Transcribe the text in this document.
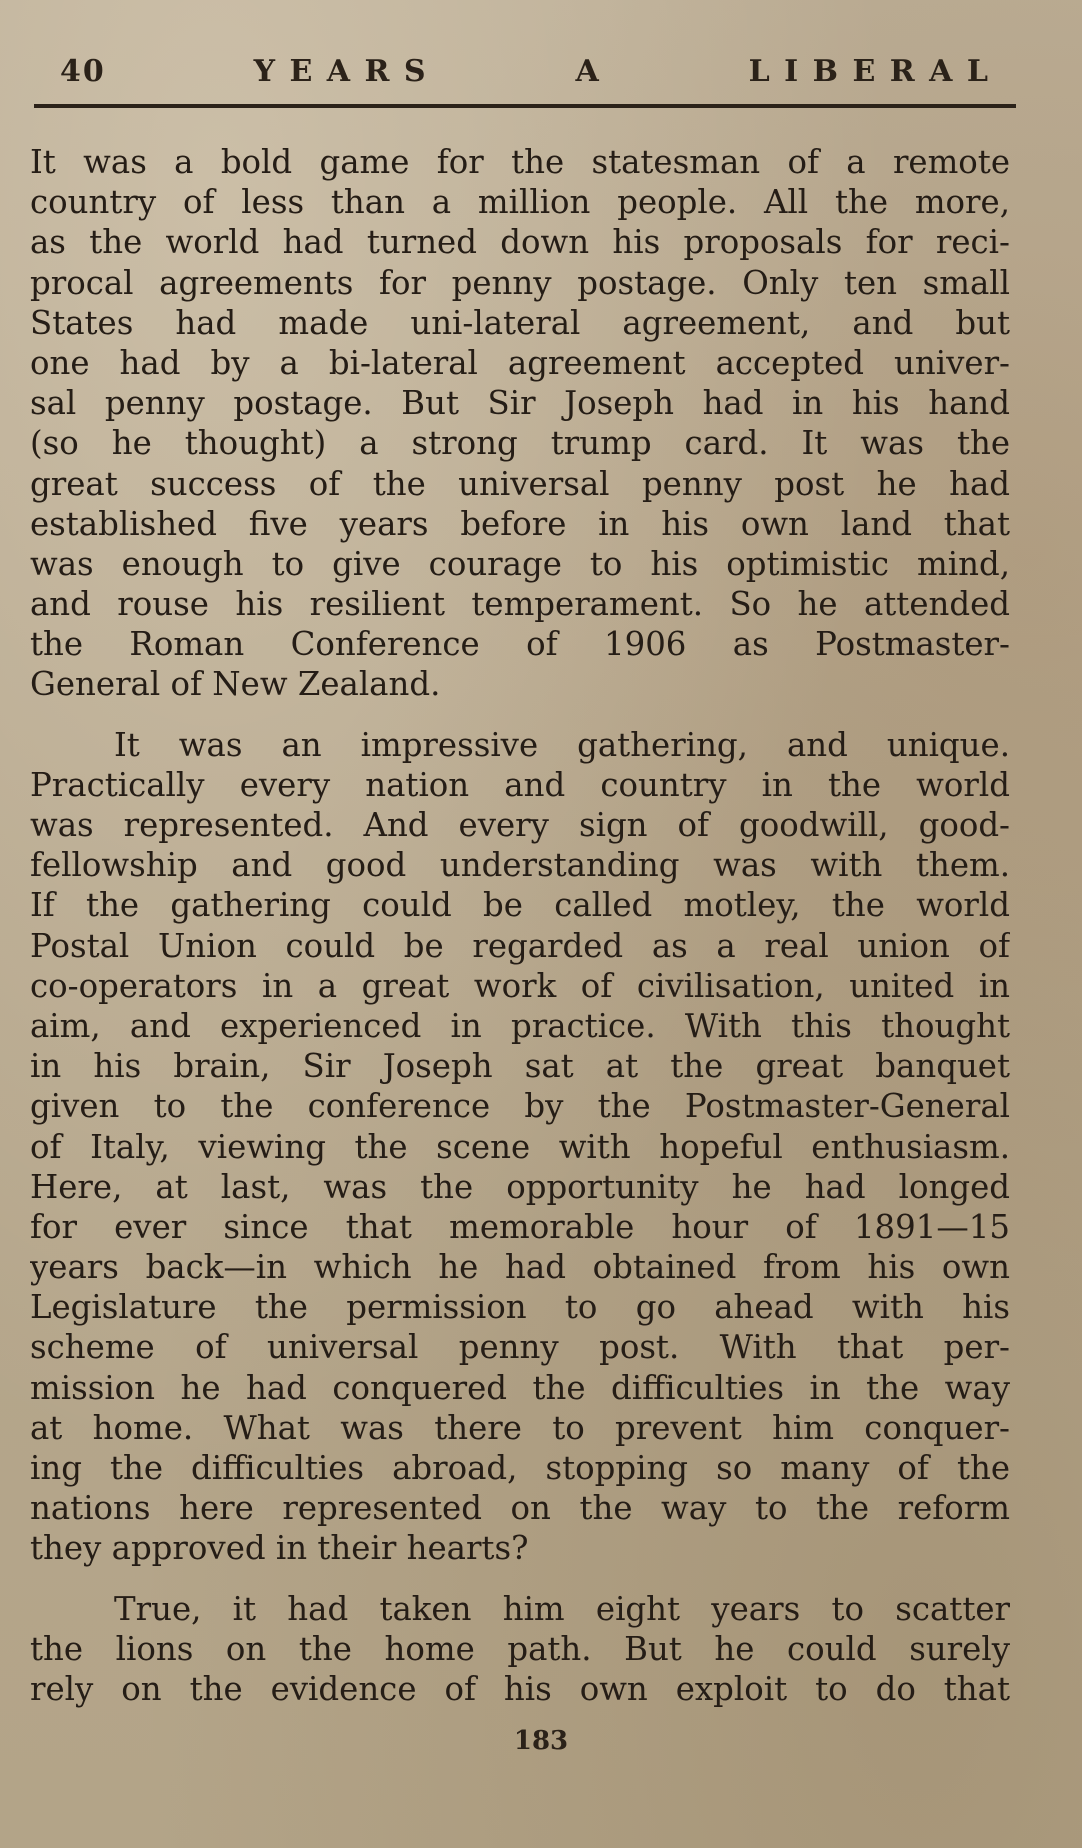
40	Y E A R S	A	L I B E R A L
It was a bold game for the statesman of a remote
country of less than a million people. All the more,
as the world had turned down his proposals for reci-
procal agreements for penny postage. Only ten small
States had made uni-lateral agreement, and but
one had by a bi-lateral agreement accepted univer-
sal penny postage. But Sir Joseph had in his hand
(so he thought) a strong trump card. It was the
great success of the universal penny post he had
established five years before in his own land that
was enough to give courage to his optimistic mind,
and rouse his resilient temperament. So he attended
the Roman Conference of 1906 as Postmaster-
General of New Zealand.
It was an impressive gathering, and unique.
Practically every nation and country in the world
was represented. And every sign of goodwill, good-
fellowship and good understanding was with them.
If the gathering could be called motley, the world
Postal Union could be regarded as a real union of
co-operators in a great work of civilisation, united in
aim, and experienced in practice. With this thought
in his brain, Sir Joseph sat at the great banquet
given to the conference by the Postmaster-General
of Italy, viewing the scene with hopeful enthusiasm.
Here, at last, was the opportunity he had longed
for ever since that memorable hour of 1891—15
years back—in which he had obtained from his own
Legislature the permission to go ahead with his
scheme of universal penny post. With that per-
mission he had conquered the difficulties in the way
at home. What was there to prevent him conquer-
ing the difficulties abroad, stopping so many of the
nations here represented on the way to the reform
they approved in their hearts?
True, it had taken him eight years to scatter
the lions on the home path. But he could surely
rely on the evidence of his own exploit to do that
183
